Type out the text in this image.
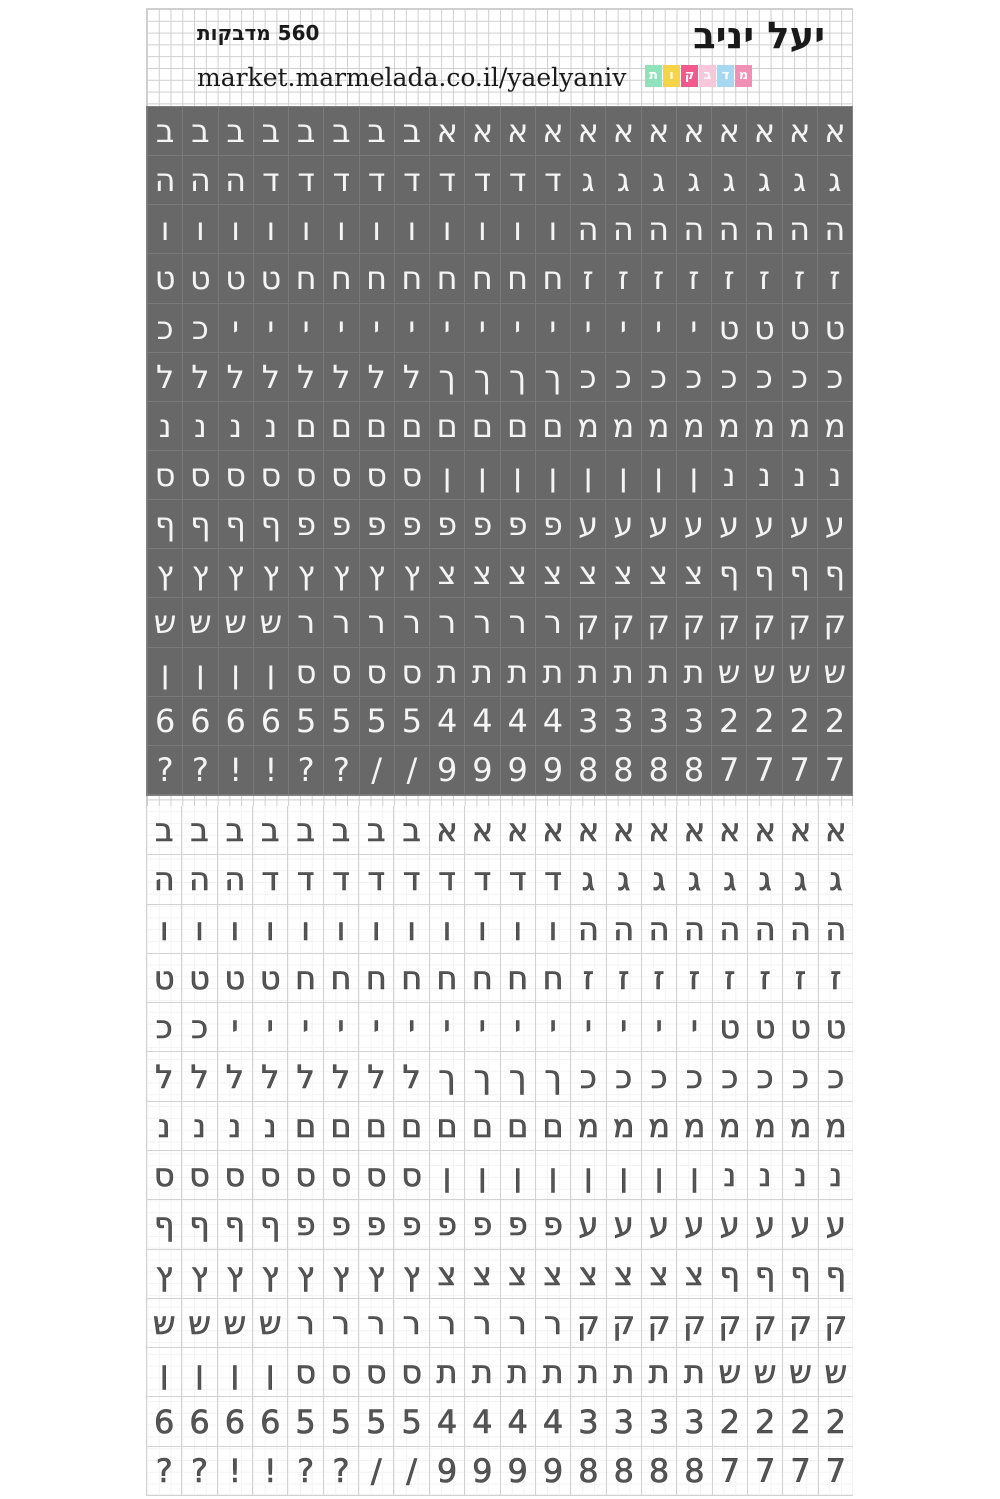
יעל יניב
560 מדבקות
market.marmelada.co.il/yaelyaniv	מ
ד
ב
ק
ו
ת
א
א
א
א
א
א
א
א
א
א
א
א
ב
ב
ב
ב
ב
ב
ב
ב
ג
ג
ג
ג
ג
ג
ג
ג
ד
ד
ד
ד
ד
ד
ד
ד
ד
ה
ה
ה
ה
ה
ה
ה
ה
ה
ה
ה
ו
ו
ו
ו
ו
ו
ו
ו
ו
ו
ו
ו
ז
ז
ז
ז
ז
ז
ז
ז
ח
ח
ח
ח
ח
ח
ח
ח
ט
ט
ט
ט
ט
ט
ט
ט
י
י
י
י
י
י
י
י
י
י
י
י
י
י
כ
כ
כ
כ
כ
כ
כ
כ
כ
כ
ך
ך
ך
ך
ל
ל
ל
ל
ל
ל
ל
ל
מ
מ
מ
מ
מ
מ
מ
מ
ם
ם
ם
ם
ם
ם
ם
ם
נ
נ
נ
נ
נ
נ
נ
נ
ן
ן
ן
ן
ן
ן
ן
ן
ס
ס
ס
ס
ס
ס
ס
ס
ע
ע
ע
ע
ע
ע
ע
ע
פ
פ
פ
פ
פ
פ
פ
פ
ף
ף
ף
ף
ף
ף
ף
ף
צ
צ
צ
צ
צ
צ
צ
צ
ץ
ץ
ץ
ץ
ץ
ץ
ץ
ץ
ק
ק
ק
ק
ק
ק
ק
ק
ר
ר
ר
ר
ר
ר
ר
ר
ש
ש
ש
ש
ש
ש
ש
ש
ת
ת
ת
ת
ת
ת
ת
ת
ס
ס
ס
ס
ן
ן
ן
ן
2
2
2
2
3
3
3
3
4
4
4
4
5
5
5
5
6
6
6
6
7
7
7
7
8
8
8
8
9
9
9
9
/
/
?
?
!
!
?
?
א
א
א
א
א
א
א
א
א
א
א
א
ב
ב
ב
ב
ב
ב
ב
ב
ג
ג
ג
ג
ג
ג
ג
ג
ד
ד
ד
ד
ד
ד
ד
ד
ד
ה
ה
ה
ה
ה
ה
ה
ה
ה
ה
ה
ו
ו
ו
ו
ו
ו
ו
ו
ו
ו
ו
ו
ז
ז
ז
ז
ז
ז
ז
ז
ח
ח
ח
ח
ח
ח
ח
ח
ט
ט
ט
ט
ט
ט
ט
ט
י
י
י
י
י
י
י
י
י
י
י
י
י
י
כ
כ
כ
כ
כ
כ
כ
כ
כ
כ
ך
ך
ך
ך
ל
ל
ל
ל
ל
ל
ל
ל
מ
מ
מ
מ
מ
מ
מ
מ
ם
ם
ם
ם
ם
ם
ם
ם
נ
נ
נ
נ
נ
נ
נ
נ
ן
ן
ן
ן
ן
ן
ן
ן
ס
ס
ס
ס
ס
ס
ס
ס
ע
ע
ע
ע
ע
ע
ע
ע
פ
פ
פ
פ
פ
פ
פ
פ
ף
ף
ף
ף
ף
ף
ף
ף
צ
צ
צ
צ
צ
צ
צ
צ
ץ
ץ
ץ
ץ
ץ
ץ
ץ
ץ
ק
ק
ק
ק
ק
ק
ק
ק
ר
ר
ר
ר
ר
ר
ר
ר
ש
ש
ש
ש
ש
ש
ש
ש
ת
ת
ת
ת
ת
ת
ת
ת
ס
ס
ס
ס
ן
ן
ן
ן
2
2
2
2
3
3
3
3
4
4
4
4
5
5
5
5
6
6
6
6
7
7
7
7
8
8
8
8
9
9
9
9
/
/
?
?
!
!
?
?
